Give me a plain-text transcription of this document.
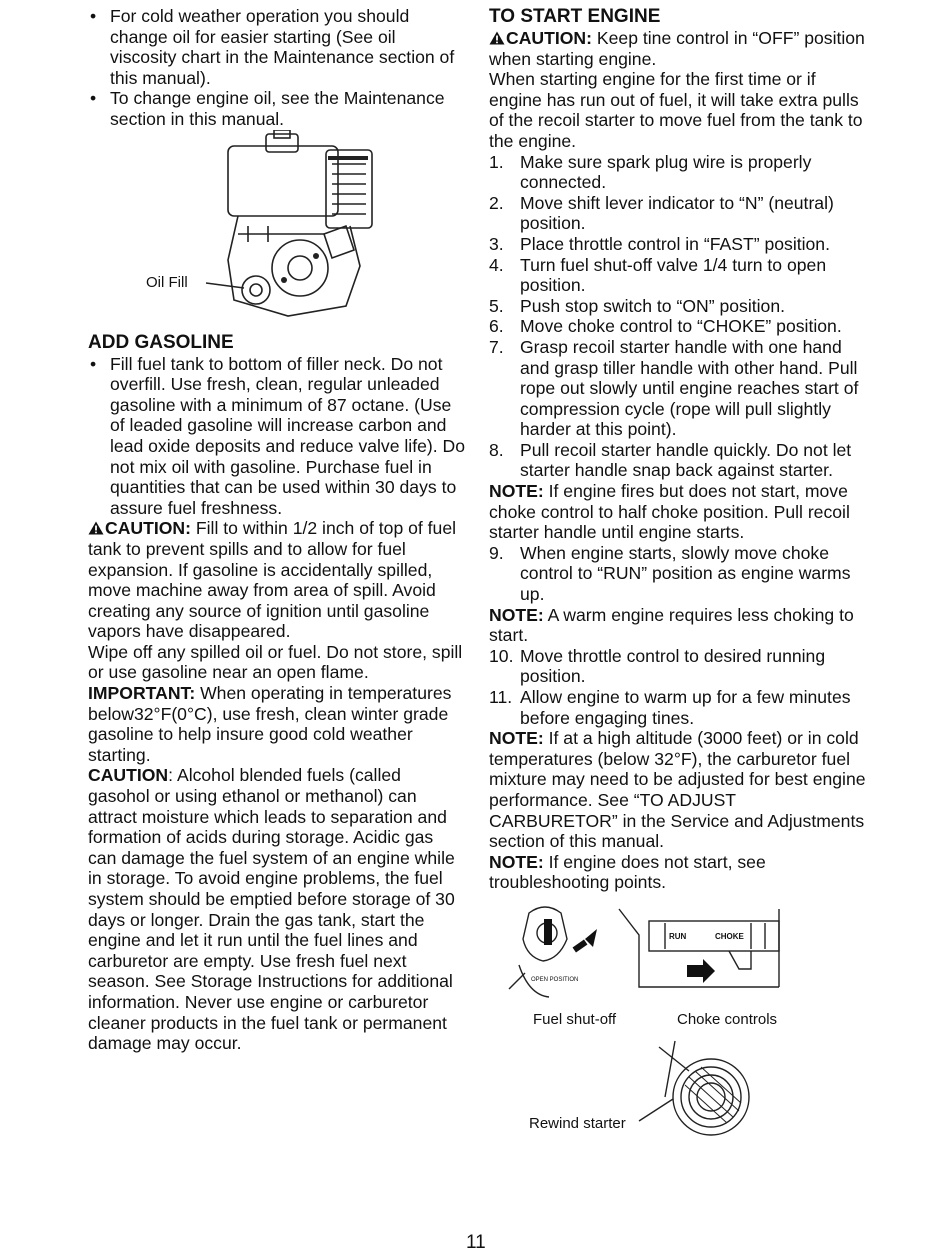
• For cold weather operation you should change oil for easier starting (See oil viscosity chart in the Maintenance section of this manual).

• To change engine oil, see the Maintenance section in this manual.

Oil Fill
ADD GASOLINE

• Fill fuel tank to bottom of filler neck. Do not overfill. Use fresh, clean, regular unleaded gasoline with a minimum of 87 octane. (Use of leaded gasoline will increase carbon and lead oxide deposits and reduce valve life). Do not mix oil with gasoline. Purchase fuel in quantities that can be used within 30 days to assure fuel freshness.

CAUTION: Fill to within 1/2 inch of top of fuel tank to prevent spills and to allow for fuel expansion. If gasoline is accidentally spilled, move machine away from area of spill. Avoid creating any source of ignition until gasoline vapors have disappeared.

Wipe off any spilled oil or fuel. Do not store, spill or use gasoline near an open flame.

IMPORTANT: When operating in temperatures below32°F(0°C), use fresh, clean winter grade gasoline to help insure good cold weather starting.

CAUTION: Alcohol blended fuels (called gasohol or using ethanol or methanol) can attract moisture which leads to separation and formation of acids during storage. Acidic gas can damage the fuel system of an engine while in storage. To avoid engine problems, the fuel system should be emptied before storage of 30 days or longer. Drain the gas tank, start the engine and let it run until the fuel lines and carburetor are empty. Use fresh fuel next season. See Storage Instructions for additional information. Never use engine or carburetor cleaner products in the fuel tank or permanent damage may occur.

TO START ENGINE

CAUTION: Keep tine control in “OFF” position when starting engine.

When starting engine for the first time or if engine has run out of fuel, it will take extra pulls of the recoil starter to move fuel from the tank to the engine.

1. Make sure spark plug wire is properly connected.

2. Move shift lever indicator to “N” (neutral) position.

3. Place throttle control in “FAST” position.

4. Turn fuel shut-off valve 1/4 turn to open position.

5. Push stop switch to “ON” position.

6. Move choke control to “CHOKE” position.

7. Grasp recoil starter handle with one hand and grasp tiller handle with other hand. Pull rope out slowly until engine reaches start of compression cycle (rope will pull slightly harder at this point).

8. Pull recoil starter handle quickly. Do not let starter handle snap back against starter.

NOTE: If engine fires but does not start, move choke control to half choke position. Pull recoil starter handle until engine starts.

9. When engine starts, slowly move choke control to “RUN” position as engine warms up.

NOTE: A warm engine requires less choking to start.

10. Move throttle control to desired running position.

11. Allow engine to warm up for a few minutes before engaging tines.

NOTE: If at a high altitude (3000 feet) or in cold temperatures (below 32°F), the carburetor fuel mixture may need to be adjusted for best engine performance. See “TO ADJUST CARBURETOR” in the Service and Adjustments section of this manual.

NOTE: If engine does not start, see troubleshooting points.

RUN	CHOKE
OPEN POSITION
Fuel shut-off	Choke controls
Rewind starter
11
